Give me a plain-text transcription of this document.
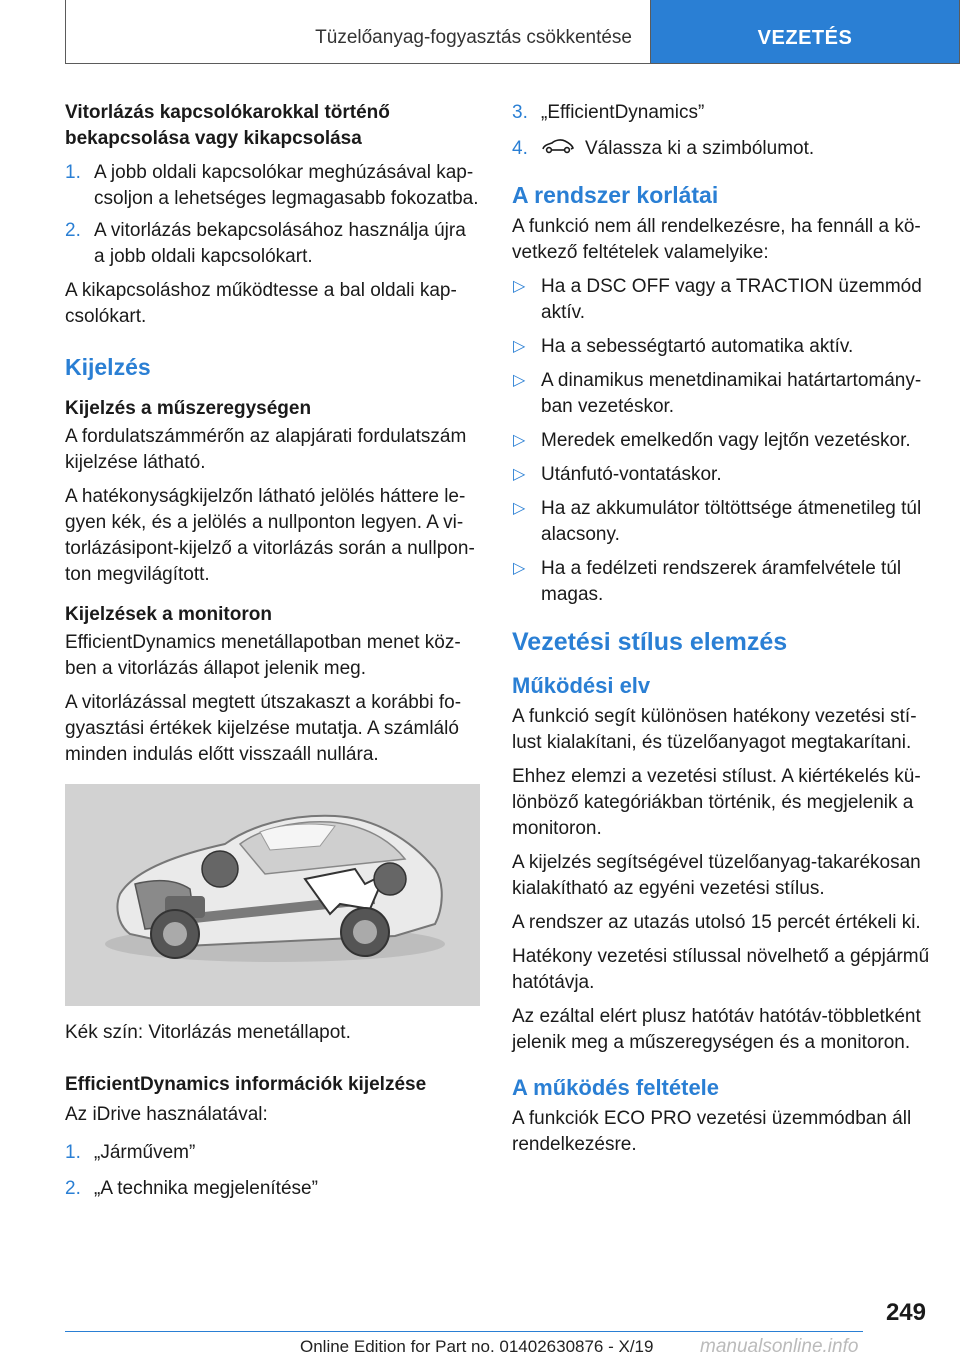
Tüzelőanyag-fogyasztás csökkentése	VEZETÉS
Vitorlázás kapcsolókarokkal történő bekapcsolása vagy kikapcsolása
1. A jobb oldali kapcsolókar meghúzásával kapcsoljon a lehetséges legmagasabb fokozatba.
2. A vitorlázás bekapcsolásához használja újra a jobb oldali kapcsolókart.

A kikapcsoláshoz működtesse a bal oldali kapcsolókart.

Kijelzés
Kijelzés a műszeregységen

A fordulatszámmérőn az alapjárati fordulatszám kijelzése látható.

A hatékonyságkijelzőn látható jelölés háttere legyen kék, és a jelölés a nullponton legyen. A vitorlázásipont-kijelző a vitorlázás során a nullponton megvilágított.

Kijelzések a monitoron

EfficientDynamics menetállapotban menet közben a vitorlázás állapot jelenik meg.

A vitorlázással megtett útszakaszt a korábbi fogyasztási értékek kijelzése mutatja. A számláló minden indulás előtt visszaáll nullára.

Kék szín: Vitorlázás menetállapot.
EfficientDynamics információk kijelzése

Az iDrive használatával:

1. „Járművem”
2. „A technika megjelenítése”
3. „EfficientDynamics”
4.	Válassza ki a szimbólumot.
A rendszer korlátai

A funkció nem áll rendelkezésre, ha fennáll a következő feltételek valamelyike:

▷ Ha a DSC OFF vagy a TRACTION üzemmód aktív.
▷ Ha a sebességtartó automatika aktív.
▷ A dinamikus menetdinamikai határtartományban vezetéskor.
▷ Meredek emelkedőn vagy lejtőn vezetéskor.
▷ Utánfutó-vontatáskor.
▷ Ha az akkumulátor töltöttsége átmenetileg túl alacsony.
▷ Ha a fedélzeti rendszerek áramfelvétele túl magas.
Vezetési stílus elemzés
Működési elv

A funkció segít különösen hatékony vezetési stílust kialakítani, és tüzelőanyagot megtakarítani.

Ehhez elemzi a vezetési stílust. A kiértékelés különböző kategóriákban történik, és megjelenik a monitoron.

A kijelzés segítségével tüzelőanyag-takarékosan kialakítható az egyéni vezetési stílus.

A rendszer az utazás utolsó 15 percét értékeli ki.

Hatékony vezetési stílussal növelhető a gépjármű hatótávja.

Az ezáltal elért plusz hatótáv hatótáv-többletként jelenik meg a műszeregységen és a monitoron.

A működés feltétele

A funkciók ECO PRO vezetési üzemmódban áll rendelkezésre.

249
Online Edition for Part no. 01402630876 - X/19 manualsonline.info
